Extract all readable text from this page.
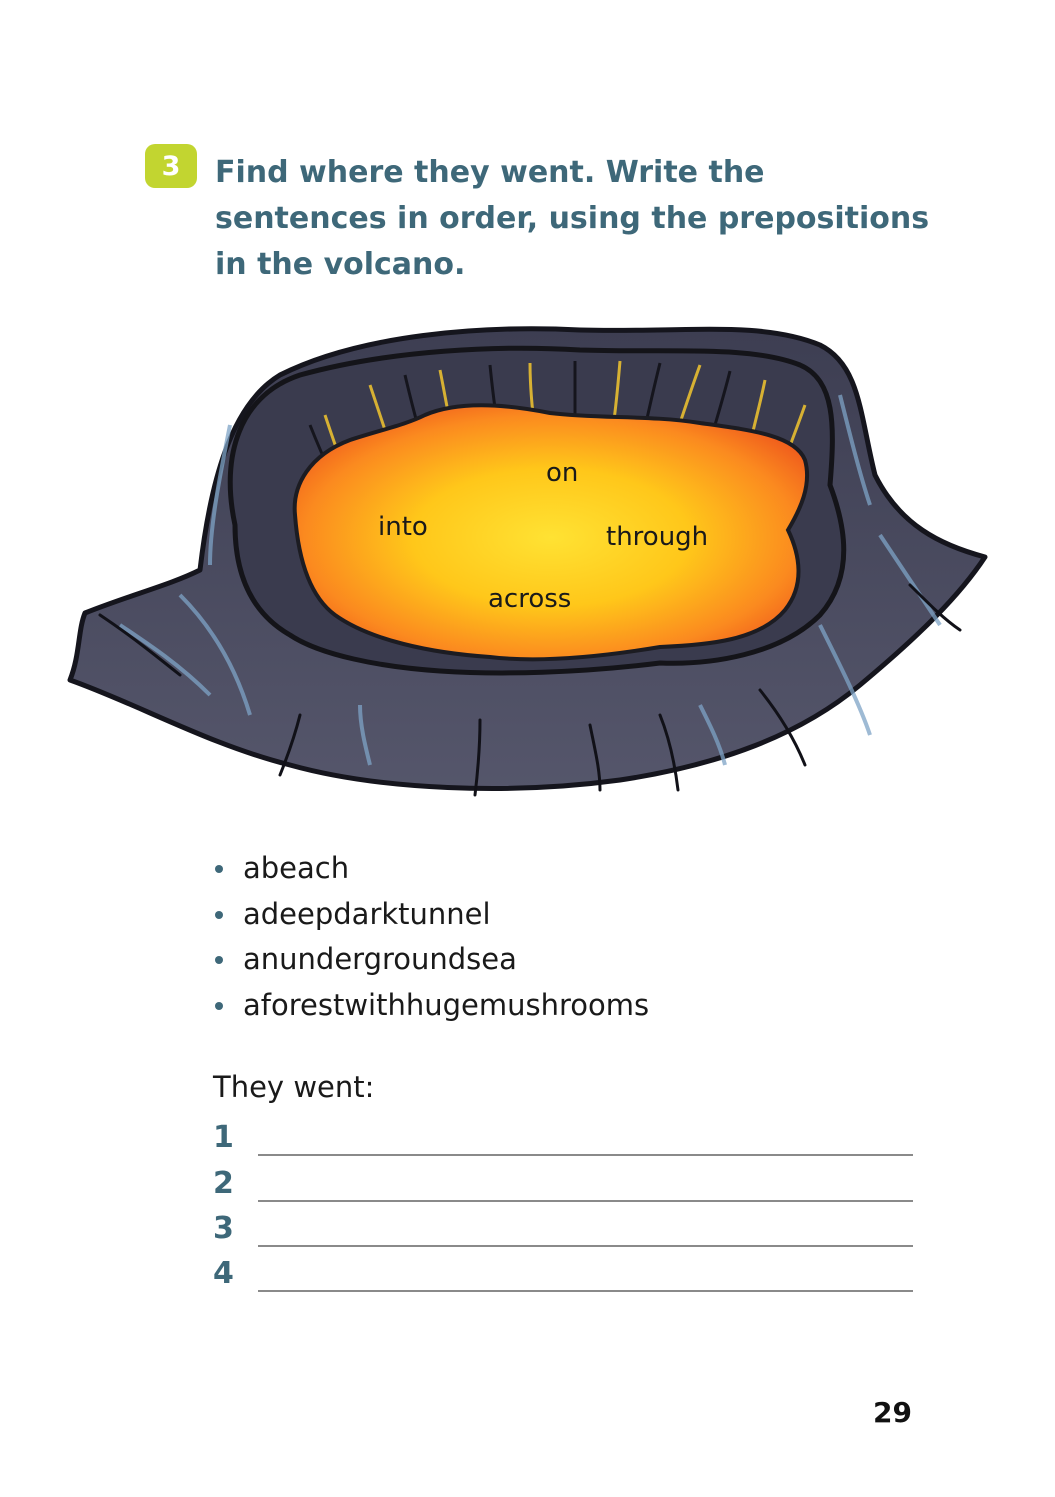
3	Find where they went. Write the sentences in order, using the prepositions in the volcano.

on
into	through
across
abeach
adeepdarktunnel
anundergroundsea
aforestwithhugemushrooms
They went:
1
2
3
4
29
